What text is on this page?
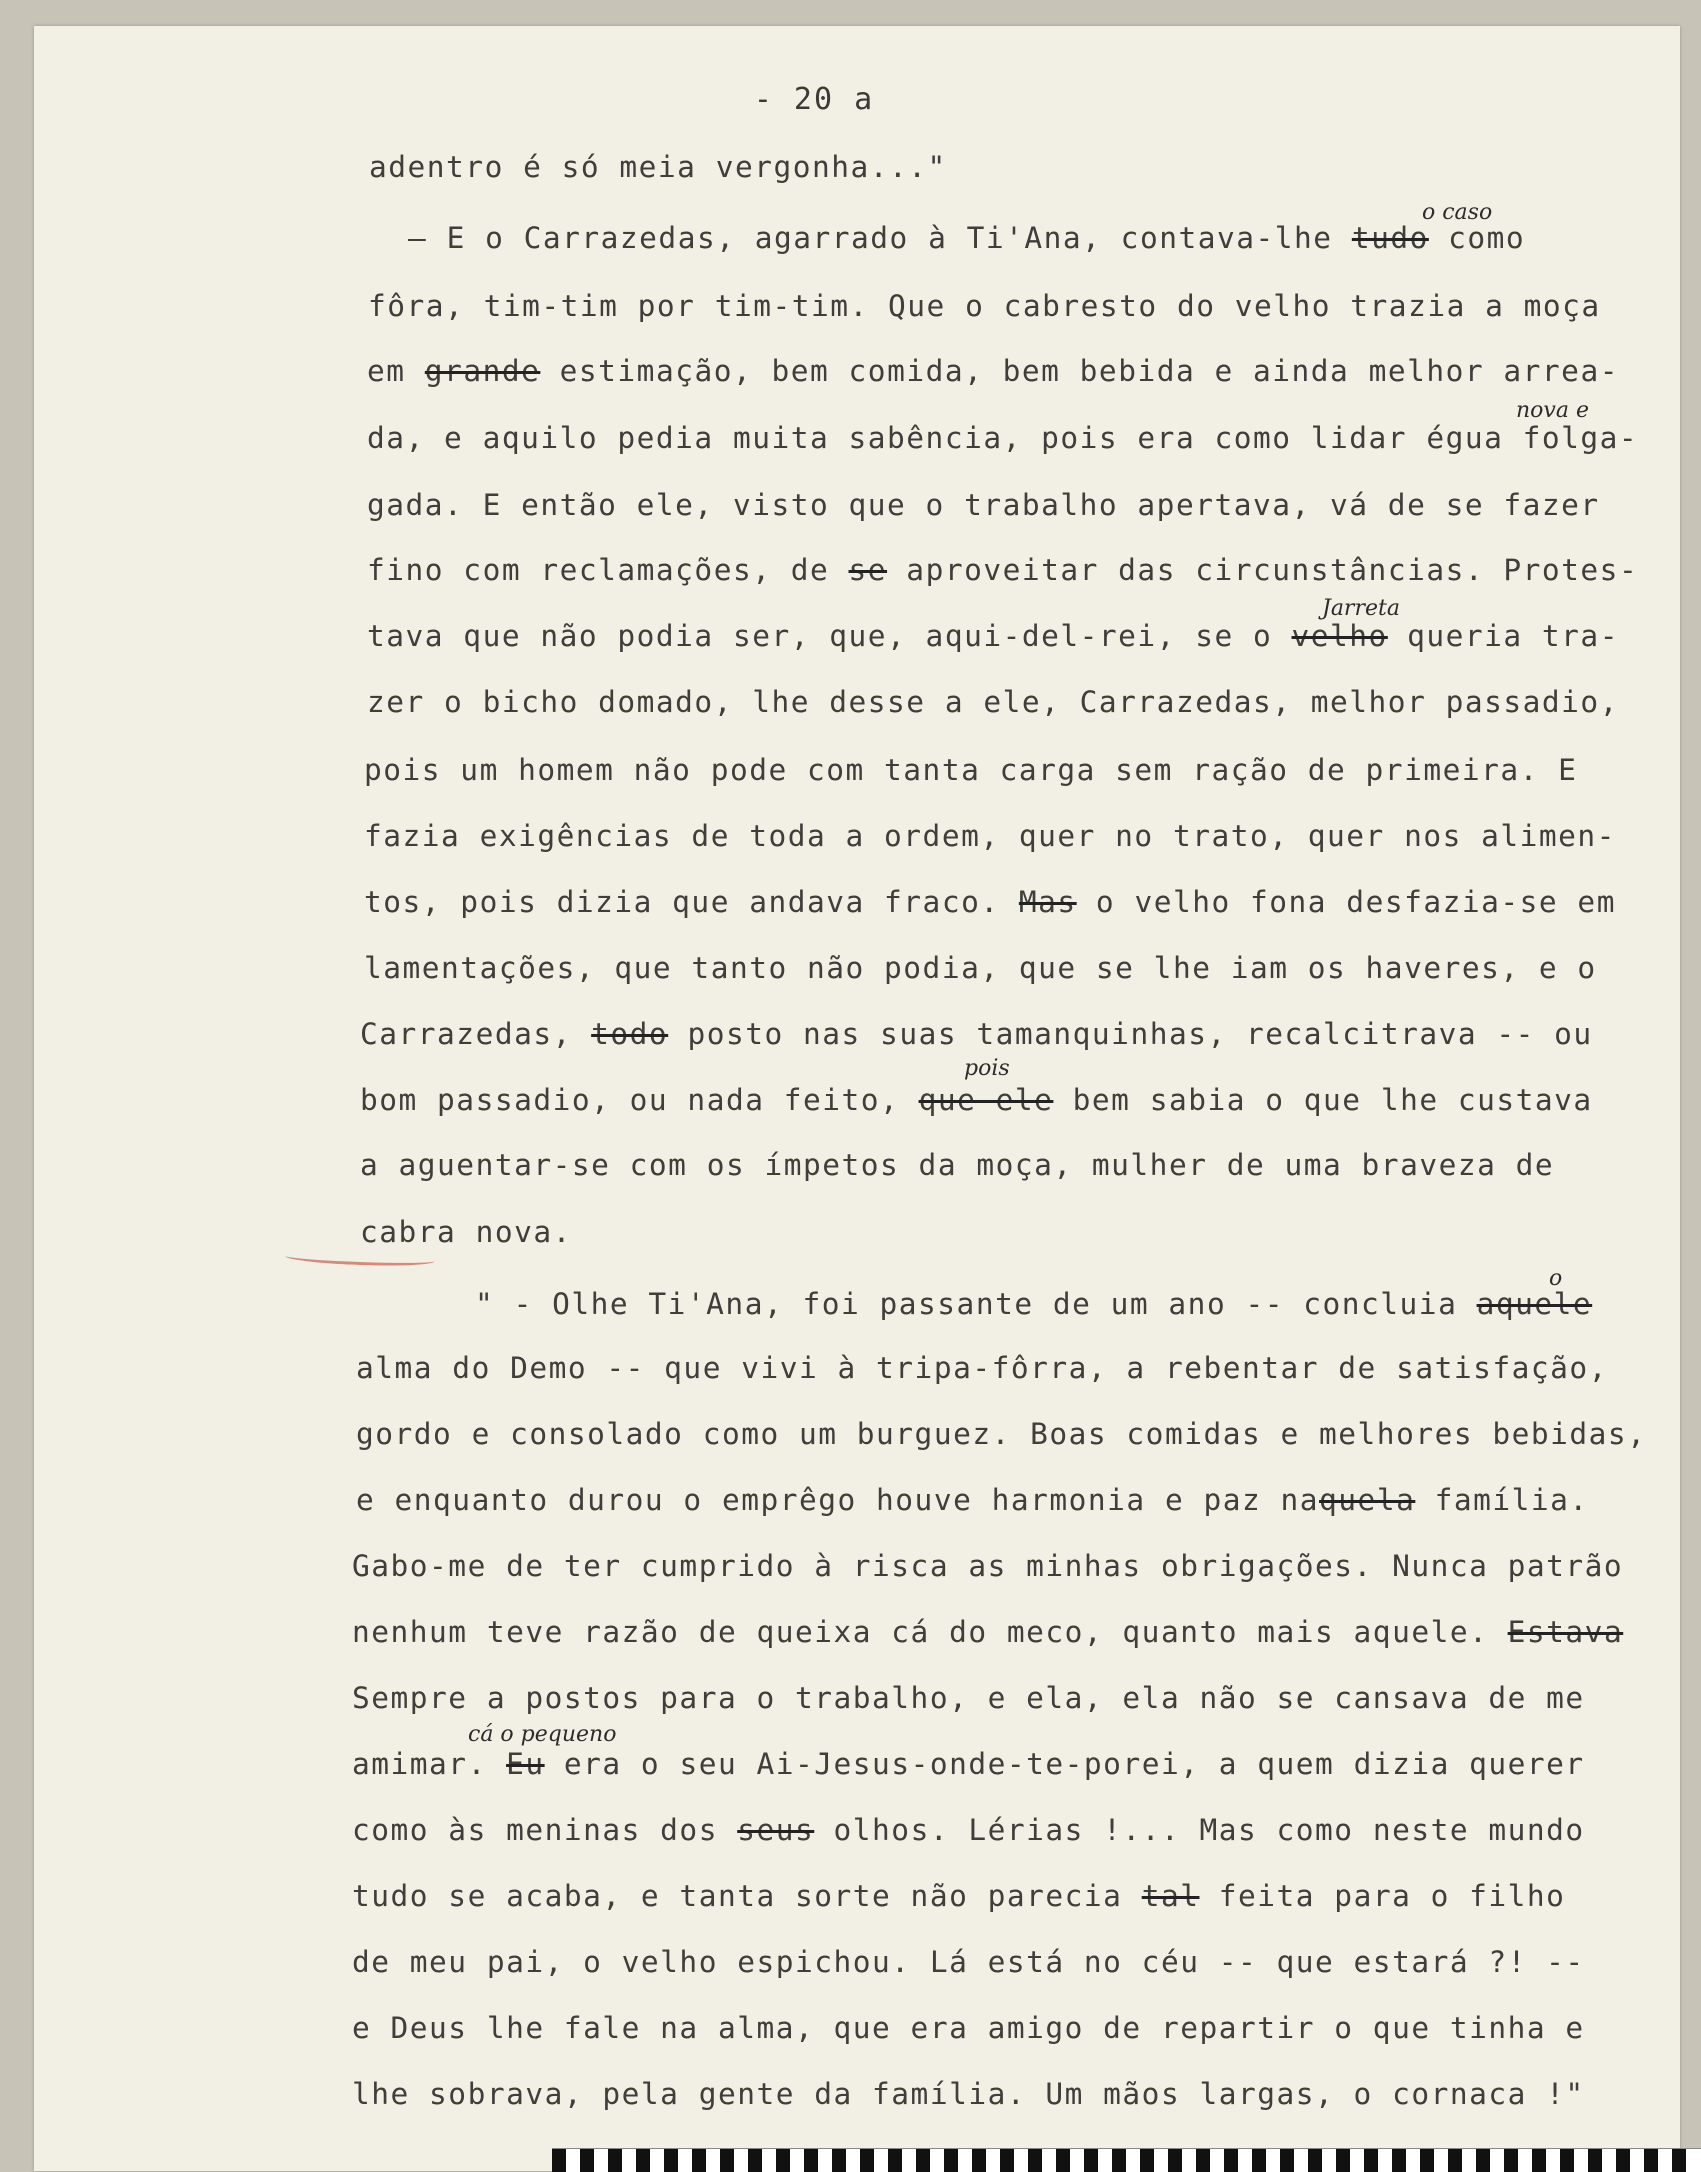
- 20 a
adentro é só meia vergonha..."
— E o Carrazedas, agarrado à Ti'Ana, contava-lhe tudo como
o caso
fôra, tim-tim por tim-tim. Que o cabresto do velho trazia a moça
em grande estimação, bem comida, bem bebida e ainda melhor arrea-
nova e
da, e aquilo pedia muita sabência, pois era como lidar égua folga-
gada. E então ele, visto que o trabalho apertava, vá de se fazer
fino com reclamações, de se aproveitar das circunstâncias. Protes-
Jarreta
tava que não podia ser, que, aqui-del-rei, se o velho queria tra-
zer o bicho domado, lhe desse a ele, Carrazedas, melhor passadio,
pois um homem não pode com tanta carga sem ração de primeira. E
fazia exigências de toda a ordem, quer no trato, quer nos alimen-
tos, pois dizia que andava fraco. Mas o velho fona desfazia-se em
lamentações, que tanto não podia, que se lhe iam os haveres, e o
Carrazedas, todo posto nas suas tamanquinhas, recalcitrava -- ou
pois
bom passadio, ou nada feito, que ele bem sabia o que lhe custava
a aguentar-se com os ímpetos da moça, mulher de uma braveza de
cabra nova.
" - Olhe Ti'Ana, foi passante de um ano -- concluia aquele
o
alma do Demo -- que vivi à tripa-fôrra, a rebentar de satisfação,
gordo e consolado como um burguez. Boas comidas e melhores bebidas,
e enquanto durou o emprêgo houve harmonia e paz naquela família.
Gabo-me de ter cumprido à risca as minhas obrigações. Nunca patrão
nenhum teve razão de queixa cá do meco, quanto mais aquele. Estava
Sempre a postos para o trabalho, e ela, ela não se cansava de me
cá o pequeno
amimar. Eu era o seu Ai-Jesus-onde-te-porei, a quem dizia querer
como às meninas dos seus olhos. Lérias !... Mas como neste mundo
tudo se acaba, e tanta sorte não parecia tal feita para o filho
de meu pai, o velho espichou. Lá está no céu -- que estará ?! --
e Deus lhe fale na alma, que era amigo de repartir o que tinha e
lhe sobrava, pela gente da família. Um mãos largas, o cornaca !"
